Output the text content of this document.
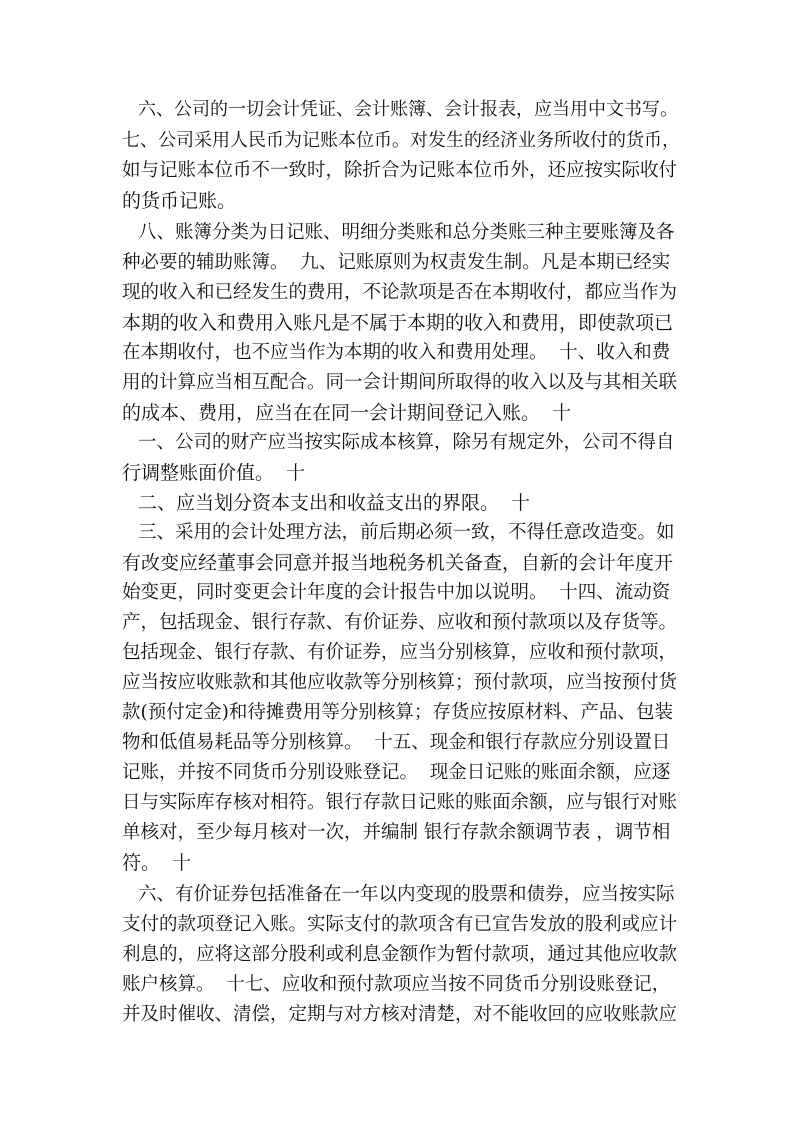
六、公司的一切会计凭证、会计账簿、会计报表，应当用中文书写。
七、公司采用人民币为记账本位币。对发生的经济业务所收付的货币，
如与记账本位币不一致时，除折合为记账本位币外，还应按实际收付
的货币记账。
八、账簿分类为日记账、明细分类账和总分类账三种主要账簿及各
种必要的辅助账簿。  九、记账原则为权责发生制。凡是本期已经实
现的收入和已经发生的费用，不论款项是否在本期收付，都应当作为
本期的收入和费用入账凡是不属于本期的收入和费用，即使款项已
在本期收付，也不应当作为本期的收入和费用处理。  十、收入和费
用的计算应当相互配合。同一会计期间所取得的收入以及与其相关联
的成本、费用，应当在在同一会计期间登记入账。  十
一、公司的财产应当按实际成本核算，除另有规定外，公司不得自
行调整账面价值。  十
二、应当划分资本支出和收益支出的界限。  十
三、采用的会计处理方法，前后期必须一致，不得任意改造变。如
有改变应经董事会同意并报当地税务机关备查，自新的会计年度开
始变更，同时变更会计年度的会计报告中加以说明。  十四、流动资
产，包括现金、银行存款、有价证券、应收和预付款项以及存货等。
包括现金、银行存款、有价证券，应当分别核算，应收和预付款项，
应当按应收账款和其他应收款等分别核算；预付款项，应当按预付货
款(预付定金)和待摊费用等分别核算；存货应按原材料、产品、包装
物和低值易耗品等分别核算。  十五、现金和银行存款应分别设置日
记账，并按不同货币分别设账登记。  现金日记账的账面余额，应逐
日与实际库存核对相符。银行存款日记账的账面余额，应与银行对账
单核对，至少每月核对一次，并编制 银行存款余额调节表 ，调节相
符。  十
六、有价证券包括准备在一年以内变现的股票和债券，应当按实际
支付的款项登记入账。实际支付的款项含有已宣告发放的股利或应计
利息的，应将这部分股利或利息金额作为暂付款项，通过其他应收款
账户核算。  十七、应收和预付款项应当按不同货币分别设账登记，
并及时催收、清偿，定期与对方核对清楚，对不能收回的应收账款应
